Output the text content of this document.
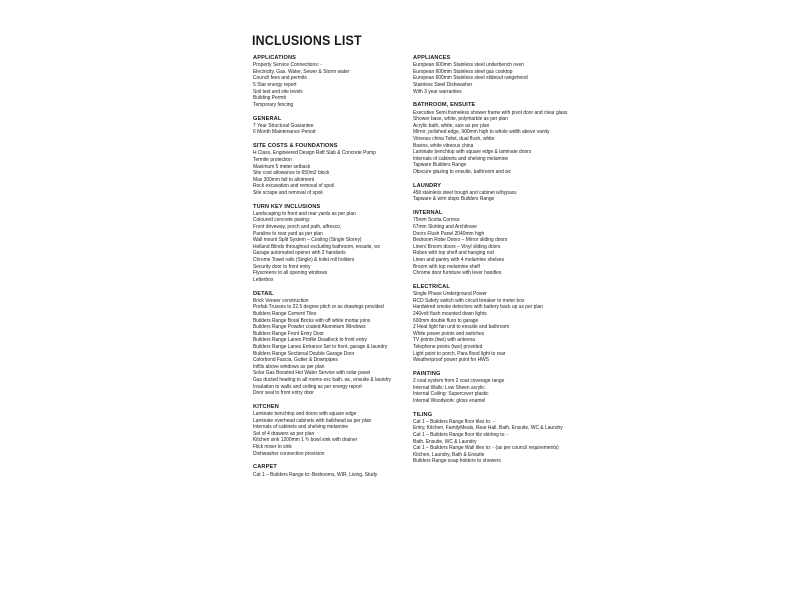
INCLUSIONS LIST
APPLICATIONS
Property Service Connections: -
Electricity, Gas, Water, Sewer & Storm water
Council fees and permits
5 Star energy report
Soil test and site levels
Building Permit
Temporary fencing
GENERAL
7 Year Structural Guarantee
6 Month Maintenance Period
SITE COSTS & FOUNDATIONS
H Class, Engineered Design Raft Slab & Concrete Pump
Termite protection
Maximum 5 meter setback
Site cost allowance to 650m2 block
Max 300mm fall to allotment
Rock excavation and removal of spoil
Site scrape and removal of spoil
TURN KEY INCLUSIONS
Landscaping to front and rear yards as per plan
Coloured concrete paving:
Front driveway, porch and path, alfresco,
Paraline to rear yard as per plan
Wall mount Split System – Cooling (Single Storey)
Holland Blinds throughout excluding bathroom, ensuite, wc
Garage automated opener with 2 handsets
Chrome Towel rails (Single) & toilet roll holders
Security door to front entry
Flyscreens to all opening windows
Letterbox
DETAIL
Brick Veneer construction
Prefab Trusses to 22.5 degree pitch or as drawings provided
Builders Range Cement Tiles
Builders Range Boral Bricks with off white mortar joins
Builders Range Powder coated Aluminium Windows
Builders Range Front Entry Door
Builders Range Lanes Profile Deadlock to front entry
Builders Range Lanes Entrance Set to front, garage & laundry
Builders Range Sectional Double Garage Door
Colorbond Fascia, Gutter & Downpipes
Infills above windows as per plan
Solar Gas Boosted Hot Water Service with solar panel
Gas ducted heating to all rooms exc bath, wc, ensuite & laundry
Insulation to walls and ceiling as per energy report
Door seal to front entry door
KITCHEN
Laminate benchtop and doors with square edge
Laminate overhead cabinets with bulkhead as per plan
Internals of cabinets and shelving melamine
Set of 4 drawers as per plan
Kitchen sink 1200mm 1 ¾ bowl sink with drainer
Flick mixer to sink
Dishwasher connection provision
CARPET
Cat 1 – Builders Range to:-Bedrooms, WIR, Living, Study
APPLIANCES
European 600mm Stainless steel underbench oven
European 600mm Stainless steel gas cooktop
European 600mm Stainless steel slideout rangehood
Stainless Steel Dishwasher
With 3 year warranties
BATHROOM, ENSUITE
Executive Semi frameless shower frame with pivot door and clear glass
Shower base, white, polymarble as per plan
Acrylic bath, white, size as per plan
Mirror, polished edge, 900mm high to whole width above vanity
Vitreous china Toilet, dual flush, white
Basins, white vitreous china
Laminate benchtop with square edge & laminate doors
Internals of cabinets and shelving melamine
Tapware Builders Range
Obscure glazing to ensuite, bathroom and wc
LAUNDRY
45lt stainless steel trough and cabinet w/bypass
Tapware & w/m stops Builders Range
INTERNAL
75mm Scotia Cornice
67mm Skirting and Architrave
Doors Flush Panel 2040mm high
Bedroom Robe Doors – Mirror sliding doors
Linen/ Broom doors – Vinyl sliding doors
Robes with top shelf and hanging rod
Linen and pantry with 4 melamine shelves
Broom with top melamine shelf
Chrome door furniture with lever handles
ELECTRICAL
Single Phase Underground Power
RCD Safety switch with circuit breaker to meter box
Hardwired smoke detectors with battery back up as per plan
240volt flush mounted down lights
600mm double fluro to garage
2 Heat light fan unit to ensuite and bathroom
White power points and switches
TV points (two) with antenna
Telephone points (two) provided
Light point to porch, Para flood light to rear
Weatherproof power point for HWS
PAINTING
2 coat system from 2 coat coverage range
Internal Walls: Low Sheen acrylic
Internal Ceiling: Supercover plastic
Internal Woodwork: gloss enamel
TILING
Cat 1 – Builders Range floor tiles to: -
Entry, Kitchen, FamilyMeals, Rear Hall, Bath, Ensuite, WC & Laundry
Cat 1 – Builders Range floor tile skirting to: -
Bath, Ensuite, WC & Laundry
Cat 1 – Builders Range Wall tiles to: - (as per council requirements)
Kitchen, Laundry, Bath & Ensuite
Builders Range soap holders to showers
